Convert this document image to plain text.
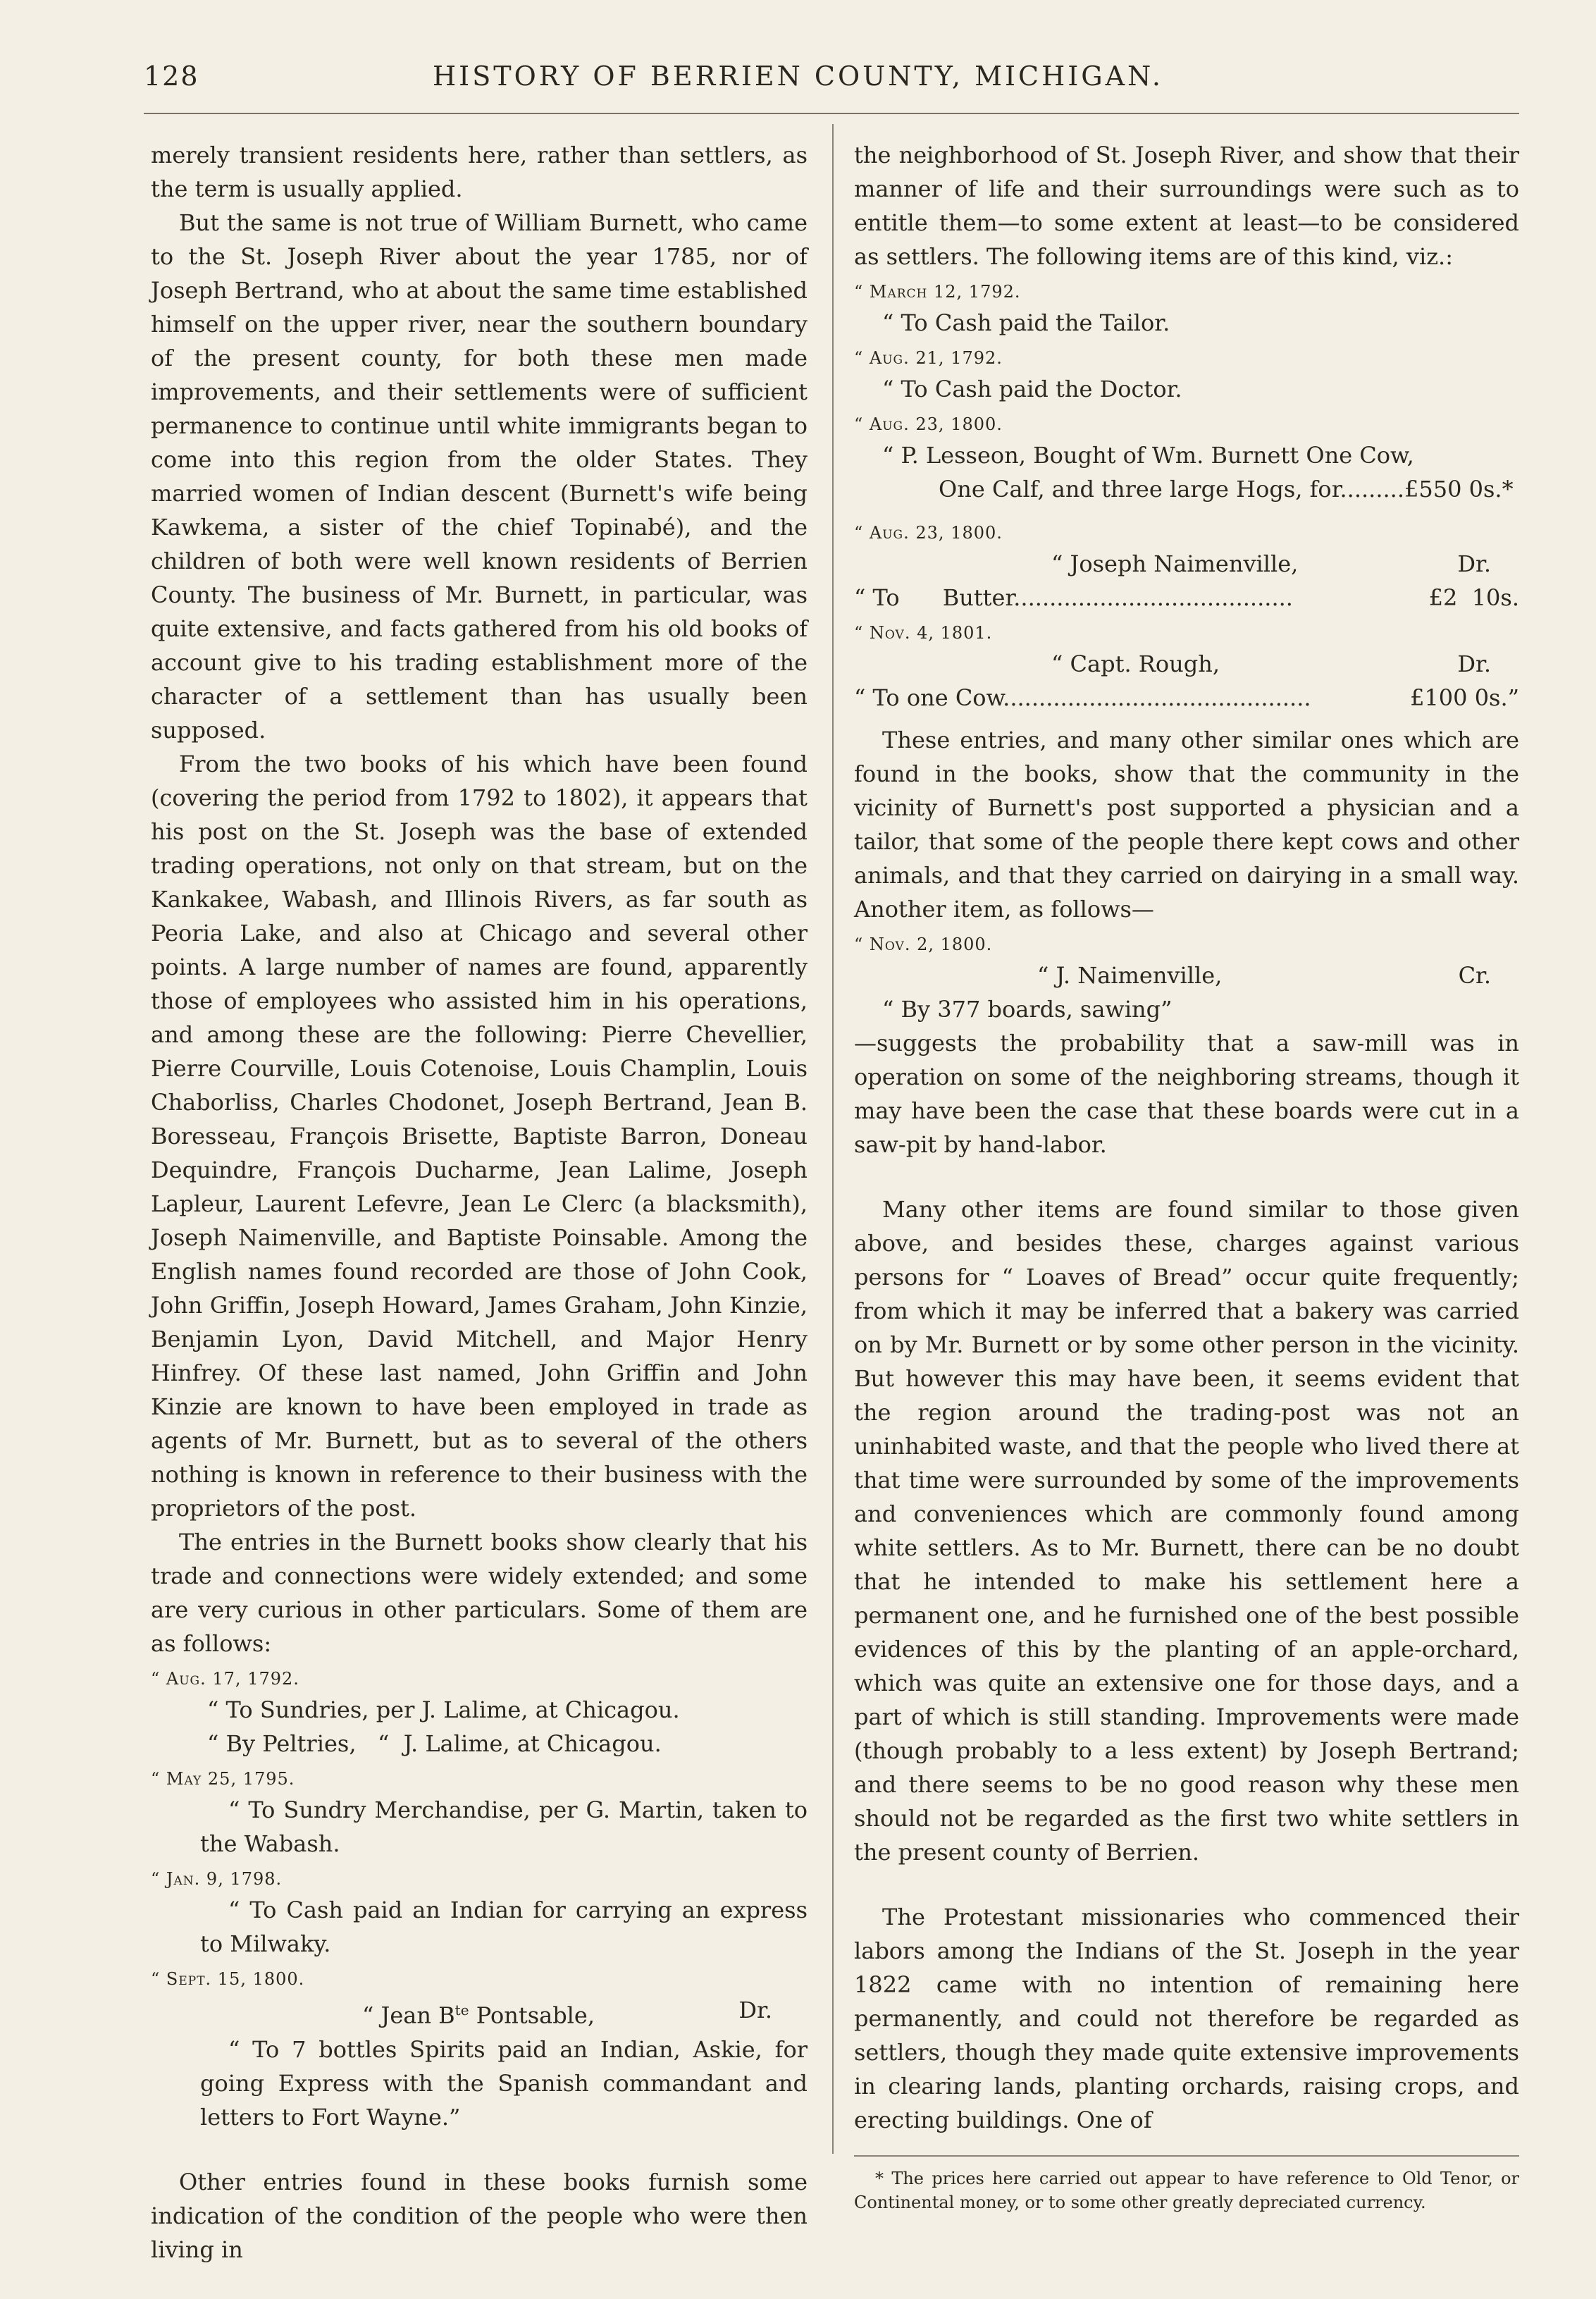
HISTORY OF BERRIEN COUNTY, MICHIGAN.
128

merely transient residents here, rather than settlers, as the term is usually applied.

But the same is not true of William Burnett, who came to the St. Joseph River about the year 1785, nor of Joseph Bertrand, who at about the same time established himself on the upper river, near the southern boundary of the present county, for both these men made improvements, and their settlements were of sufficient permanence to continue until white immigrants began to come into this region from the older States. They married women of Indian descent (Burnett's wife being Kawkema, a sister of the chief Topinabé), and the children of both were well known residents of Berrien County. The business of Mr. Burnett, in particular, was quite extensive, and facts gathered from his old books of account give to his trading establishment more of the character of a settlement than has usually been supposed.

From the two books of his which have been found (covering the period from 1792 to 1802), it appears that his post on the St. Joseph was the base of extended trading operations, not only on that stream, but on the Kankakee, Wabash, and Illinois Rivers, as far south as Peoria Lake, and also at Chicago and several other points. A large number of names are found, apparently those of employees who assisted him in his operations, and among these are the following: Pierre Chevellier, Pierre Courville, Louis Cotenoise, Louis Champlin, Louis Chaborliss, Charles Chodonet, Joseph Bertrand, Jean B. Boresseau, François Brisette, Baptiste Barron, Doneau Dequindre, François Ducharme, Jean Lalime, Joseph Lapleur, Laurent Lefevre, Jean Le Clerc (a blacksmith), Joseph Naimenville, and Baptiste Poinsable. Among the English names found recorded are those of John Cook, John Griffin, Joseph Howard, James Graham, John Kinzie, Benjamin Lyon, David Mitchell, and Major Henry Hinfrey. Of these last named, John Griffin and John Kinzie are known to have been employed in trade as agents of Mr. Burnett, but as to several of the others nothing is known in reference to their business with the proprietors of the post.

The entries in the Burnett books show clearly that his trade and connections were widely extended; and some are very curious in other particulars. Some of them are as follows:

“ Aug. 17, 1792.

“ To Sundries, per J. Lalime, at Chicagou.

“ By Peltries,   “  J. Lalime, at Chicagou.

“ May 25, 1795.

“ To Sundry Merchandise, per G. Martin, taken to the Wabash.

“ Jan. 9, 1798.

“ To Cash paid an Indian for carrying an express to Milwaky.

“ Sept. 15, 1800.
“ Jean $B^{te}$ Pontsable,	Dr.

“ To 7 bottles Spirits paid an Indian, Askie, for going Express with the Spanish commandant and letters to Fort Wayne.”

Other entries found in these books furnish some indication of the condition of the people who were then living in

the neighborhood of St. Joseph River, and show that their manner of life and their surroundings were such as to entitle them—to some extent at least—to be considered as settlers. The following items are of this kind, viz.:

“ March 12, 1792.

“ To Cash paid the Tailor.

“ Aug. 21, 1792.

“ To Cash paid the Doctor.

“ Aug. 23, 1800.

“ P. Lesseon, Bought of Wm. Burnett One Cow,

One Calf, and three large Hogs, for.........£550 0s.*

“ Aug. 23, 1800.
“ Joseph Naimenville,	Dr.
“ To      Butter.......................................	£2  10s.
“ Nov. 4, 1801.
“ Capt. Rough,	Dr.
“ To one Cow...........................................	£100 0s.”

These entries, and many other similar ones which are found in the books, show that the community in the vicinity of Burnett's post supported a physician and a tailor, that some of the people there kept cows and other animals, and that they carried on dairying in a small way. Another item, as follows—

“ Nov. 2, 1800.
“ J. Naimenville,	Cr.

“ By 377 boards, sawing”

—suggests the probability that a saw-mill was in operation on some of the neighboring streams, though it may have been the case that these boards were cut in a saw-pit by hand-labor.

Many other items are found similar to those given above, and besides these, charges against various persons for “ Loaves of Bread” occur quite frequently; from which it may be inferred that a bakery was carried on by Mr. Burnett or by some other person in the vicinity. But however this may have been, it seems evident that the region around the trading-post was not an uninhabited waste, and that the people who lived there at that time were surrounded by some of the improvements and conveniences which are commonly found among white settlers. As to Mr. Burnett, there can be no doubt that he intended to make his settlement here a permanent one, and he furnished one of the best possible evidences of this by the planting of an apple-orchard, which was quite an extensive one for those days, and a part of which is still standing. Improvements were made (though probably to a less extent) by Joseph Bertrand; and there seems to be no good reason why these men should not be regarded as the first two white settlers in the present county of Berrien.

The Protestant missionaries who commenced their labors among the Indians of the St. Joseph in the year 1822 came with no intention of remaining here permanently, and could not therefore be regarded as settlers, though they made quite extensive improvements in clearing lands, planting orchards, raising crops, and erecting buildings. One of

* The prices here carried out appear to have reference to Old Tenor, or Continental money, or to some other greatly depreciated currency.
